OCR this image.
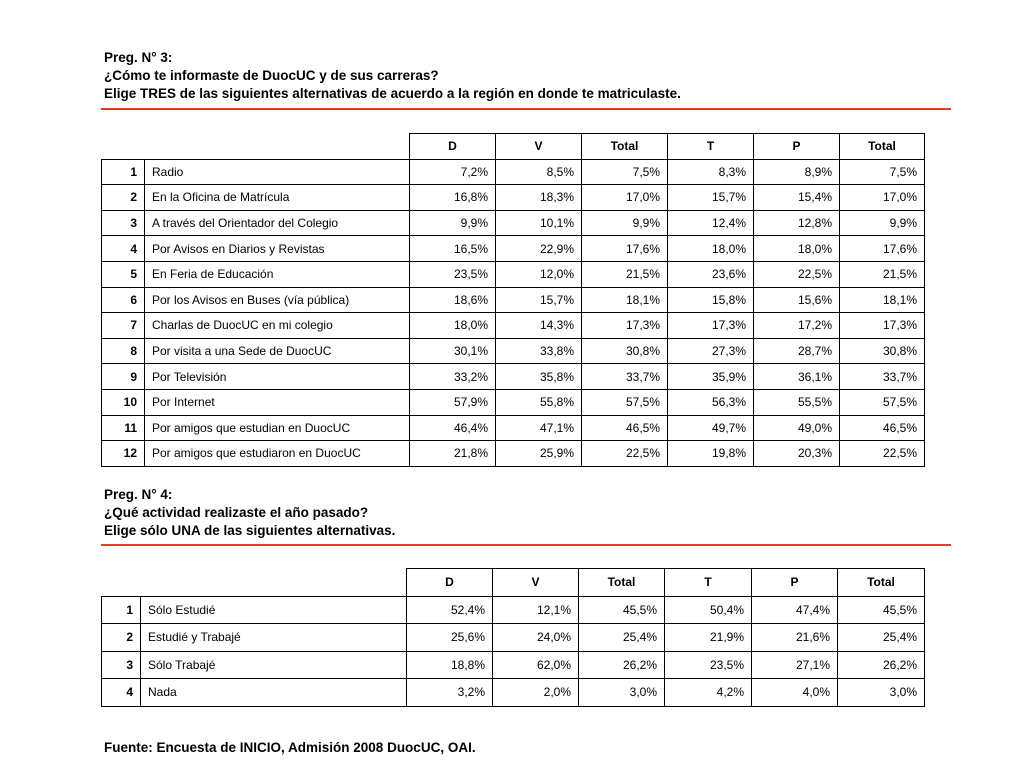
Preg. N° 3:
¿Cómo te informaste de DuocUC y de sus carreras?
Elige TRES de las siguientes alternativas de acuerdo a la región en donde te matriculaste.
		D	V	Total	T	P	Total
1	Radio	7,2%	8,5%	7,5%	8,3%	8,9%	7,5%
2	En la Oficina de Matrícula	16,8%	18,3%	17,0%	15,7%	15,4%	17,0%
3	A través del Orientador del Colegio	9,9%	10,1%	9,9%	12,4%	12,8%	9,9%
4	Por Avisos en Diarios y Revistas	16,5%	22,9%	17,6%	18,0%	18,0%	17,6%
5	En Feria de Educación	23,5%	12,0%	21,5%	23,6%	22,5%	21,5%
6	Por los Avisos en Buses (vía pública)	18,6%	15,7%	18,1%	15,8%	15,6%	18,1%
7	Charlas de DuocUC en mi colegio	18,0%	14,3%	17,3%	17,3%	17,2%	17,3%
8	Por visita a una Sede de DuocUC	30,1%	33,8%	30,8%	27,3%	28,7%	30,8%
9	Por Televisión	33,2%	35,8%	33,7%	35,9%	36,1%	33,7%
10	Por Internet	57,9%	55,8%	57,5%	56,3%	55,5%	57,5%
11	Por amigos que estudian en DuocUC	46,4%	47,1%	46,5%	49,7%	49,0%	46,5%
12	Por amigos que estudiaron en DuocUC	21,8%	25,9%	22,5%	19,8%	20,3%	22,5%
Preg. N° 4:
¿Qué actividad realizaste el año pasado?
Elige sólo UNA de las siguientes alternativas.
		D	V	Total	T	P	Total
1	Sólo Estudié	52,4%	12,1%	45,5%	50,4%	47,4%	45,5%
2	Estudié y Trabajé	25,6%	24,0%	25,4%	21,9%	21,6%	25,4%
3	Sólo Trabajé	18,8%	62,0%	26,2%	23,5%	27,1%	26,2%
4	Nada	3,2%	2,0%	3,0%	4,2%	4,0%	3,0%
Fuente: Encuesta de INICIO, Admisión 2008 DuocUC, OAI.
